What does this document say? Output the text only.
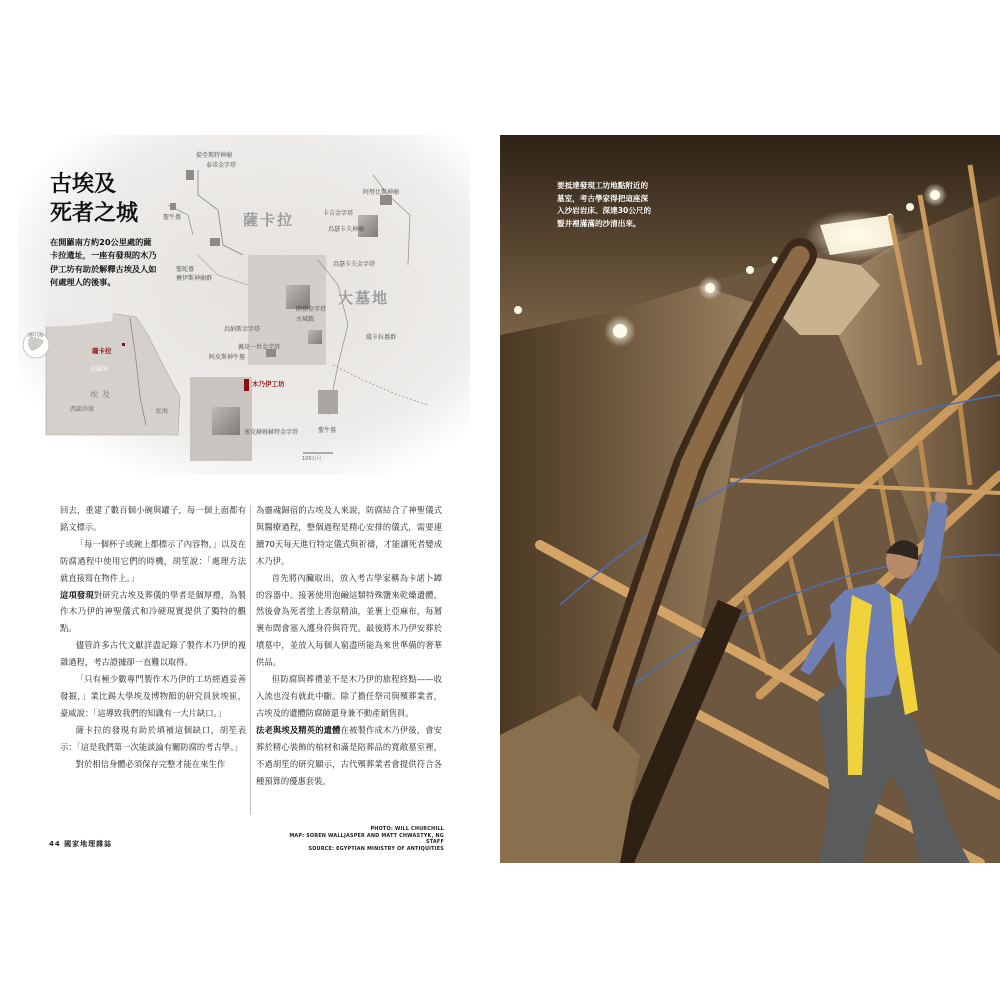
薩卡拉
大墓地
提亞瑪特神廟
泰蒂金字塔
聖牛墓
阿努比斯神廟
卡吉金字塔
烏瑟卡夫神廟
烏瑟卡夫金字塔
聖蛇墓
賽伊斯神廟群
階梯金字塔
古城牆
薩卡拉墓群
烏納斯金字塔
佩皮一世金字塔
阿皮斯神牛墓
木乃伊工坊
塞克赫姆赫特金字塔	聖牛墓
100公尺
地中海
薩卡拉
尼羅河
埃及
西部沙漠	紅海
古埃及
死者之城
在開羅南方約20公里處的薩卡拉遺址，一座有發現的木乃伊工坊有助於解釋古埃及人如何處理人的後事。

回去，重建了數百個小碗與罐子，每一個上面都有銘文標示。

「每一個杯子或碗上都標示了內容物，」以及在防腐過程中使用它們的時機，胡笙說：「處理方法就直接寫在物件上。」

這項發現對研究古埃及葬儀的學者是個厚禮，為製作木乃伊的神聖儀式和冷硬現實提供了獨特的觀點。

儘管許多古代文獻詳盡記錄了製作木乃伊的複雜過程，考古證據卻一直難以取得。

「只有極少數專門製作木乃伊的工坊經過妥善發掘，」業比錫大學埃及博物館的研究員狄埃崔，豪威說：「這導致我們的知識有一大片缺口。」

薩卡拉的發現有助於填補這個缺口，胡笙表示：「這是我們第一次能談論有關防腐的考古學。」

對於相信身體必須保存完整才能在來生作

為靈魂歸宿的古埃及人來說，防腐結合了神聖儀式與醫療過程，整個過程是精心安排的儀式，需要連續70天每天進行特定儀式與祈禱，才能讓死者變成木乃伊。

首先將內臟取出，放入考古學家稱為卡諾卜罈的容器中。接著使用泡鹼這類特殊鹽來乾燥遺體。然後會為死者塗上香氛精油，並裹上亞麻布，每層裹布間會塞入護身符與符咒。最後將木乃伊安葬於墳墓中，並放入每個人窮盡所能為來世準備的奢華供品。

但防腐與葬禮並不是木乃伊的旅程終點——收入流也沒有就此中斷。除了擔任祭司與殯葬業者，古埃及的遺體防腐師還身兼不動產銷售員。

法老與埃及精英的遺體在被製作成木乃伊後，會安葬於精心裝飾的棺材和滿是陪葬品的寬敞墓室裡，不過胡笙的研究顯示，古代殯葬業者會提供符合各種預算的優惠套裝。

44 國家地理雜誌
PHOTO: WILL CHURCHILL
MAP: SOREN WALLJASPER AND MATT CHWASTYK, NG STAFF
SOURCE: EGYPTIAN MINISTRY OF ANTIQUITIES
要抵達發現工坊地點附近的墓室，考古學家得把這座深入沙岩岩床、深達30公尺的豎井裡滿滿的沙清出來。
